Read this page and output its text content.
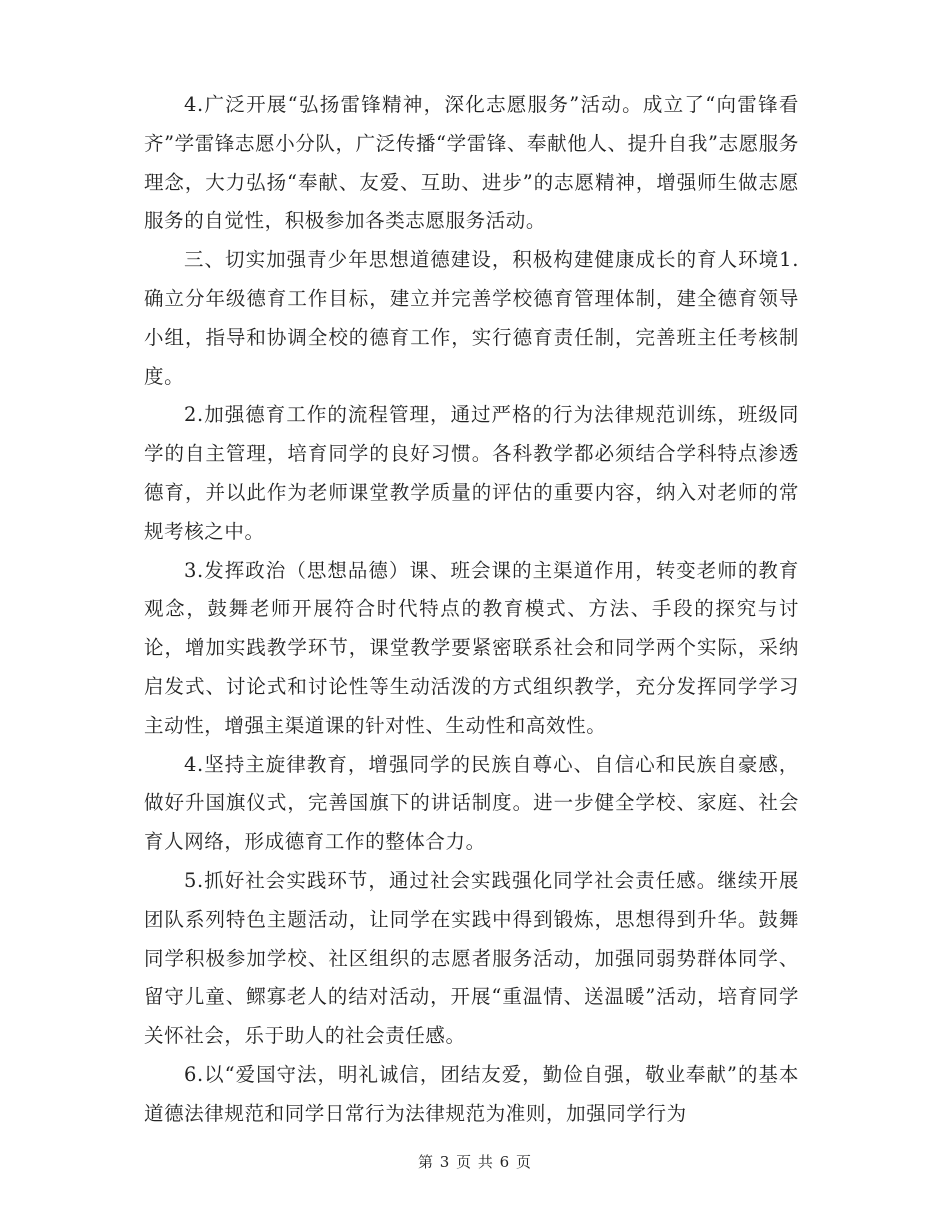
4.广泛开展“弘扬雷锋精神，深化志愿服务”活动。成立了“向雷锋看齐”学雷锋志愿小分队，广泛传播“学雷锋、奉献他人、提升自我”志愿服务理念，大力弘扬“奉献、友爱、互助、进步”的志愿精神，增强师生做志愿服务的自觉性，积极参加各类志愿服务活动。

三、切实加强青少年思想道德建设，积极构建健康成长的育人环境1.确立分年级德育工作目标，建立并完善学校德育管理体制，建全德育领导小组，指导和协调全校的德育工作，实行德育责任制，完善班主任考核制度。

2.加强德育工作的流程管理，通过严格的行为法律规范训练，班级同学的自主管理，培育同学的良好习惯。各科教学都必须结合学科特点渗透德育，并以此作为老师课堂教学质量的评估的重要内容，纳入对老师的常规考核之中。

3.发挥政治（思想品德）课、班会课的主渠道作用，转变老师的教育观念，鼓舞老师开展符合时代特点的教育模式、方法、手段的探究与讨论，增加实践教学环节，课堂教学要紧密联系社会和同学两个实际，采纳启发式、讨论式和讨论性等生动活泼的方式组织教学，充分发挥同学学习主动性，增强主渠道课的针对性、生动性和高效性。

4.坚持主旋律教育，增强同学的民族自尊心、自信心和民族自豪感，做好升国旗仪式，完善国旗下的讲话制度。进一步健全学校、家庭、社会育人网络，形成德育工作的整体合力。

5.抓好社会实践环节，通过社会实践强化同学社会责任感。继续开展团队系列特色主题活动，让同学在实践中得到锻炼，思想得到升华。鼓舞同学积极参加学校、社区组织的志愿者服务活动，加强同弱势群体同学、留守儿童、鳏寡老人的结对活动，开展“重温情、送温暖”活动，培育同学关怀社会，乐于助人的社会责任感。

6.以“爱国守法，明礼诚信，团结友爱，勤俭自强，敬业奉献”的基本道德法律规范和同学日常行为法律规范为准则，加强同学行为

第 3 页 共 6 页
